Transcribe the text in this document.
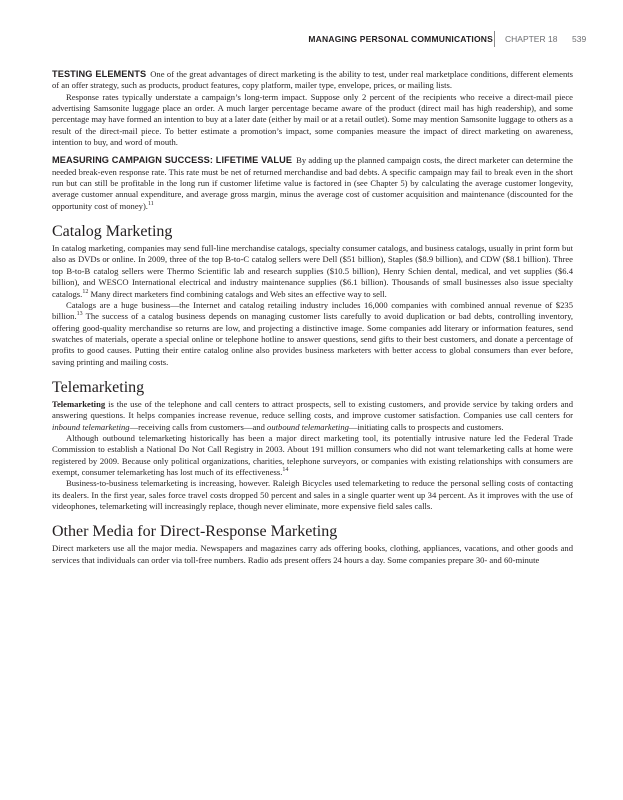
MANAGING PERSONAL COMMUNICATIONS CHAPTER 18 539

TESTING ELEMENTS One of the great advantages of direct marketing is the ability to test, under real marketplace conditions, different elements of an offer strategy, such as products, product features, copy platform, mailer type, envelope, prices, or mailing lists.

Response rates typically understate a campaign’s long-term impact. Suppose only 2 percent of the recipients who receive a direct-mail piece advertising Samsonite luggage place an order. A much larger percentage became aware of the product (direct mail has high readership), and some percentage may have formed an intention to buy at a later date (either by mail or at a retail outlet). Some may mention Samsonite luggage to others as a result of the direct-mail piece. To better estimate a promotion’s impact, some companies measure the impact of direct marketing on awareness, intention to buy, and word of mouth.

MEASURING CAMPAIGN SUCCESS: LIFETIME VALUE By adding up the planned campaign costs, the direct marketer can determine the needed break-even response rate. This rate must be net of returned merchandise and bad debts. A specific campaign may fail to break even in the short run but can still be profitable in the long run if customer lifetime value is factored in (see Chapter 5) by calculating the average customer longevity, average customer annual expenditure, and average gross margin, minus the average cost of customer acquisition and maintenance (discounted for the opportunity cost of money).$^{11}$

Catalog Marketing

In catalog marketing, companies may send full-line merchandise catalogs, specialty consumer catalogs, and business catalogs, usually in print form but also as DVDs or online. In 2009, three of the top B-to-C catalog sellers were Dell ($51 billion), Staples ($8.9 billion), and CDW ($8.1 billion). Three top B-to-B catalog sellers were Thermo Scientific lab and research supplies ($10.5 billion), Henry Schien dental, medical, and vet supplies ($6.4 billion), and WESCO International electrical and industry maintenance supplies ($6.1 billion). Thousands of small businesses also issue specialty catalogs.$^{12}$ Many direct marketers find combining catalogs and Web sites an effective way to sell.

Catalogs are a huge business—the Internet and catalog retailing industry includes 16,000 companies with combined annual revenue of $235 billion.$^{13}$ The success of a catalog business depends on managing customer lists carefully to avoid duplication or bad debts, controlling inventory, offering good-quality merchandise so returns are low, and projecting a distinctive image. Some companies add literary or information features, send swatches of materials, operate a special online or telephone hotline to answer questions, send gifts to their best customers, and donate a percentage of profits to good causes. Putting their entire catalog online also provides business marketers with better access to global consumers than ever before, saving printing and mailing costs.

Telemarketing

Telemarketing is the use of the telephone and call centers to attract prospects, sell to existing customers, and provide service by taking orders and answering questions. It helps companies increase revenue, reduce selling costs, and improve customer satisfaction. Companies use call centers for inbound telemarketing—receiving calls from customers—and outbound telemarketing—initiating calls to prospects and customers.

Although outbound telemarketing historically has been a major direct marketing tool, its potentially intrusive nature led the Federal Trade Commission to establish a National Do Not Call Registry in 2003. About 191 million consumers who did not want telemarketing calls at home were registered by 2009. Because only political organizations, charities, telephone surveyors, or companies with existing relationships with consumers are exempt, consumer telemarketing has lost much of its effectiveness.$^{14}$

Business-to-business telemarketing is increasing, however. Raleigh Bicycles used telemarketing to reduce the personal selling costs of contacting its dealers. In the first year, sales force travel costs dropped 50 percent and sales in a single quarter went up 34 percent. As it improves with the use of videophones, telemarketing will increasingly replace, though never eliminate, more expensive field sales calls.

Other Media for Direct-Response Marketing

Direct marketers use all the major media. Newspapers and magazines carry ads offering books, clothing, appliances, vacations, and other goods and services that individuals can order via toll-free numbers. Radio ads present offers 24 hours a day. Some companies prepare 30- and 60-minute
